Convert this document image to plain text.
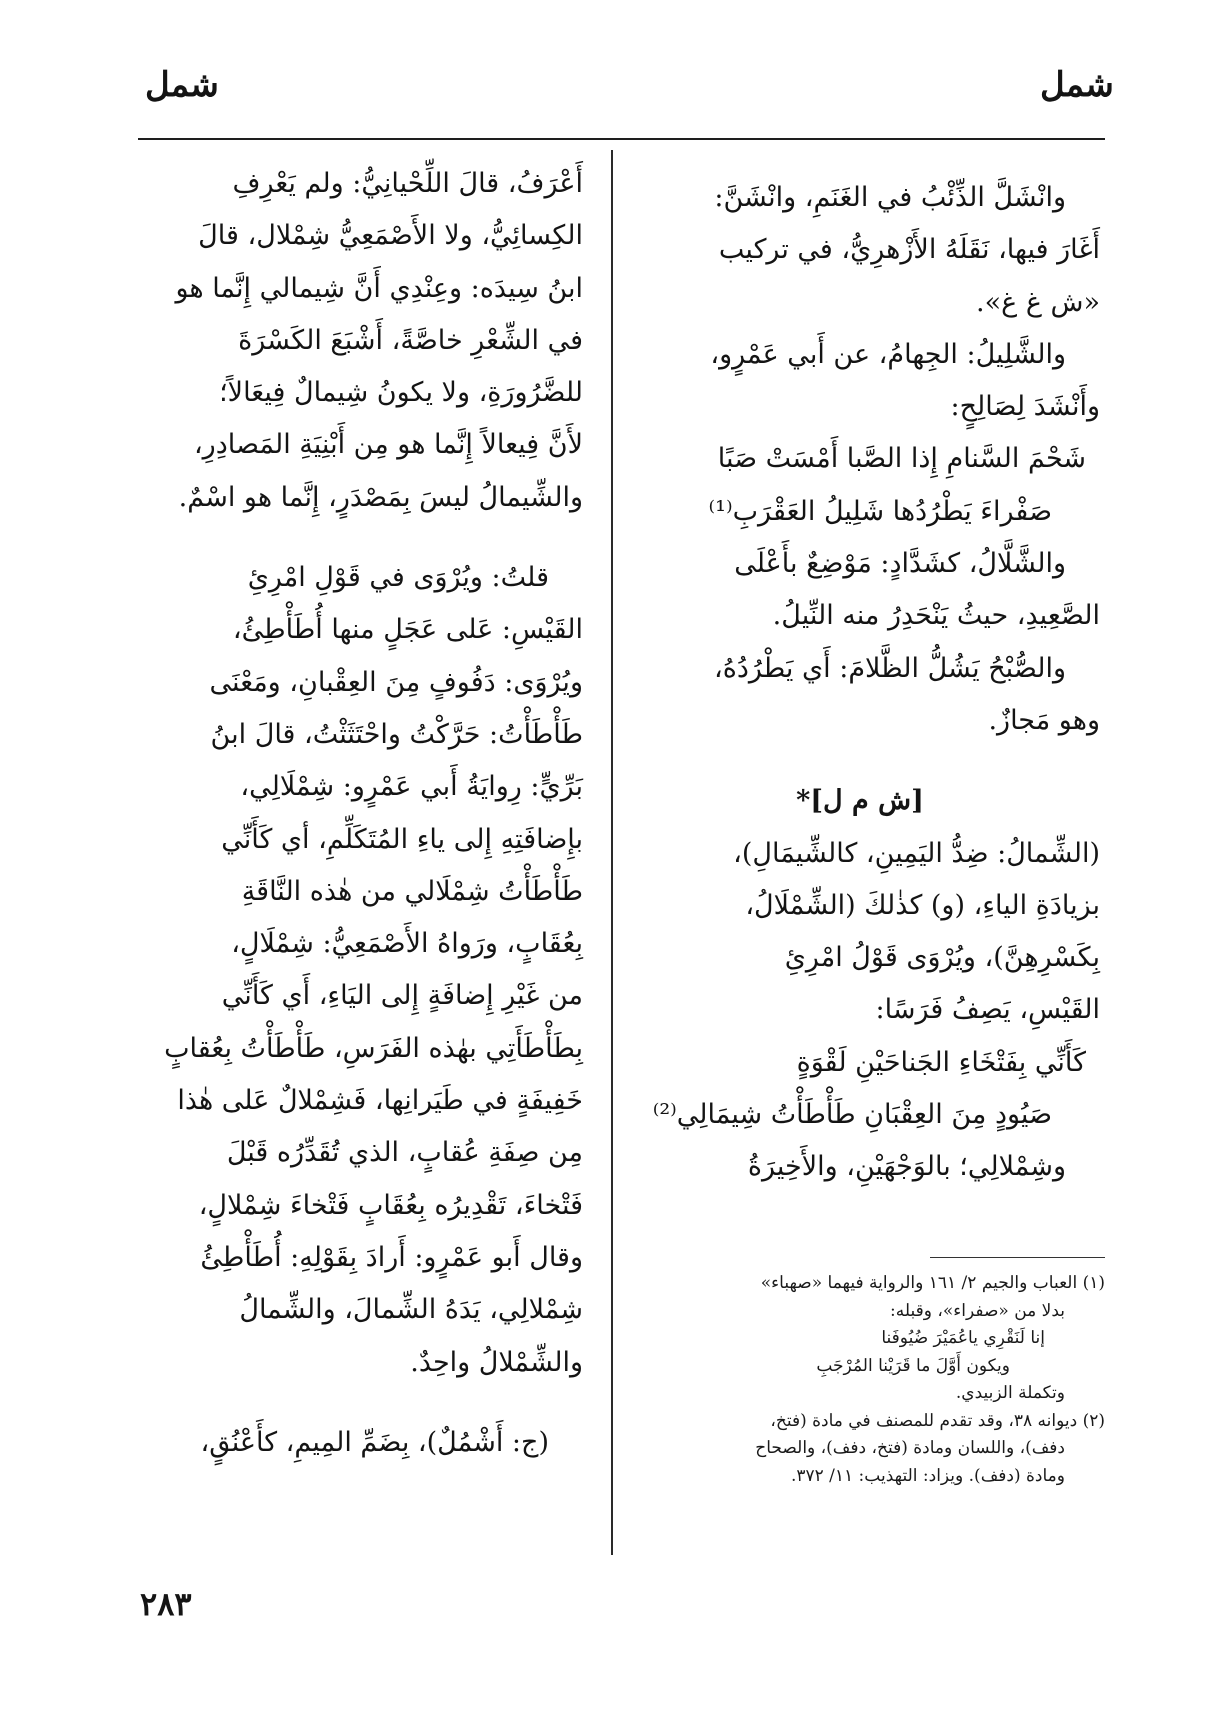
شمل
شمل
وانْشَلَّ الذِّئْبُ في الغَنَمِ، وانْشَنَّ:
أَغَارَ فيها، نَقَلَهُ الأَزْهرِيُّ، في تركيب
«ش غ غ».
والشَّلِيلُ: الجِهامُ، عن أَبي عَمْرٍو،
وأَنْشَدَ لِصَالِحٍ:
شَحْمَ السَّنامِ إِذا الصَّبا أَمْسَتْ صَبًا
صَفْراءَ يَطْرُدُها شَلِيلُ العَقْرَبِ⁽¹⁾
والشَّلَّالُ، كشَدَّادٍ: مَوْضِعٌ بأَعْلَى
الصَّعِيدِ، حيثُ يَنْحَدِرُ منه النِّيلُ.
والصُّبْحُ يَشُلُّ الظَّلامَ: أَي يَطْرُدُهُ،
وهو مَجازٌ.
[ش م ل]*
(الشِّمالُ: ضِدُّ اليَمِينِ، كالشِّيمَالِ)،
بزيادَةِ الياءِ، (و) كذٰلكَ (الشِّمْلَالُ،
بِكَسْرِهِنَّ)، ويُرْوَى قَوْلُ امْرِئِ
القَيْسِ، يَصِفُ فَرَسًا:
كَأَنِّي بِفَتْخَاءِ الجَناحَيْنِ لَقْوَةٍ
صَيُودٍ مِنَ العِقْبَانِ طَأْطَأْتُ شِيمَالِي⁽²⁾
وشِمْلالِي؛ بالوَجْهَيْنِ، والأَخِيرَةُ
(١) العباب والجيم ٢/ ١٦١ والرواية فيهما «صهباء»
بدلا من «صفراء»، وقبله:
إنا لَنَقْرِي ياعُمَيْرَ ضُيُوفَنا
ويكون أَوَّلَ ما قَرَيْنا المُرْجَبِ
وتكملة الزبيدي.
(٢) ديوانه ٣٨، وقد تقدم للمصنف في مادة (فتخ،
دفف)، واللسان ومادة (فتخ، دفف)، والصحاح
ومادة (دفف). ويزاد: التهذيب: ١١/ ٣٧٢.
أَعْرَفُ، قالَ اللِّحْيانِيُّ: ولم يَعْرِفِ
الكِسائِيُّ، ولا الأَصْمَعِيُّ شِمْلال، قالَ
ابنُ سِيدَه: وعِنْدِي أَنَّ شِيمالي إِنَّما هو
في الشِّعْرِ خاصَّةً، أَشْبَعَ الكَسْرَةَ
للضَّرُورَةِ، ولا يكونُ شِيمالٌ فِيعَالاً؛
لأَنَّ فِيعالاً إِنَّما هو مِن أَبْنِيَةِ المَصادِرِ،
والشِّيمالُ ليسَ بِمَصْدَرٍ، إِنَّما هو اسْمٌ.
قلتُ: ويُرْوَى في قَوْلِ امْرِئِ
القَيْسِ: عَلى عَجَلٍ منها أُطَأْطِئُ،
ويُرْوَى: دَفُوفٍ مِنَ العِقْبانِ، ومَعْنَى
طَأْطَأْتُ: حَرَّكْتُ واحْتَثَثْتُ، قالَ ابنُ
بَرِّيٍّ: رِوايَةُ أَبي عَمْرٍو: شِمْلَالِي،
بإِضافَتِهِ إِلى ياءِ المُتَكَلِّمِ، أي كَأَنِّي
طَأْطَأْتُ شِمْلَالي من هٰذه النَّاقَةِ
بِعُقَابٍ، ورَواهُ الأَصْمَعِيُّ: شِمْلَالٍ،
من غَيْرِ إِضافَةٍ إِلى اليَاءِ، أَي كَأَنِّي
بِطَأْطَأَتِي بهٰذه الفَرَسِ، طَأْطَأْتُ بِعُقابٍ
خَفِيفَةٍ في طَيَرانِها، فَشِمْلالٌ عَلى هٰذا
مِن صِفَةِ عُقابٍ، الذي تُقَدِّرُه قَبْلَ
فَتْخاءَ، تَقْدِيرُه بِعُقَابٍ فَتْخاءَ شِمْلالٍ،
وقال أَبو عَمْرٍو: أَرادَ بِقَوْلِهِ: أُطَأْطِئُ
شِمْلالِي، يَدَهُ الشِّمالَ، والشِّمالُ
والشِّمْلالُ واحِدٌ.
(ج: أَشْمُلٌ)، بِضَمِّ المِيمِ، كأَعْنُقٍ،
٢٨٣
